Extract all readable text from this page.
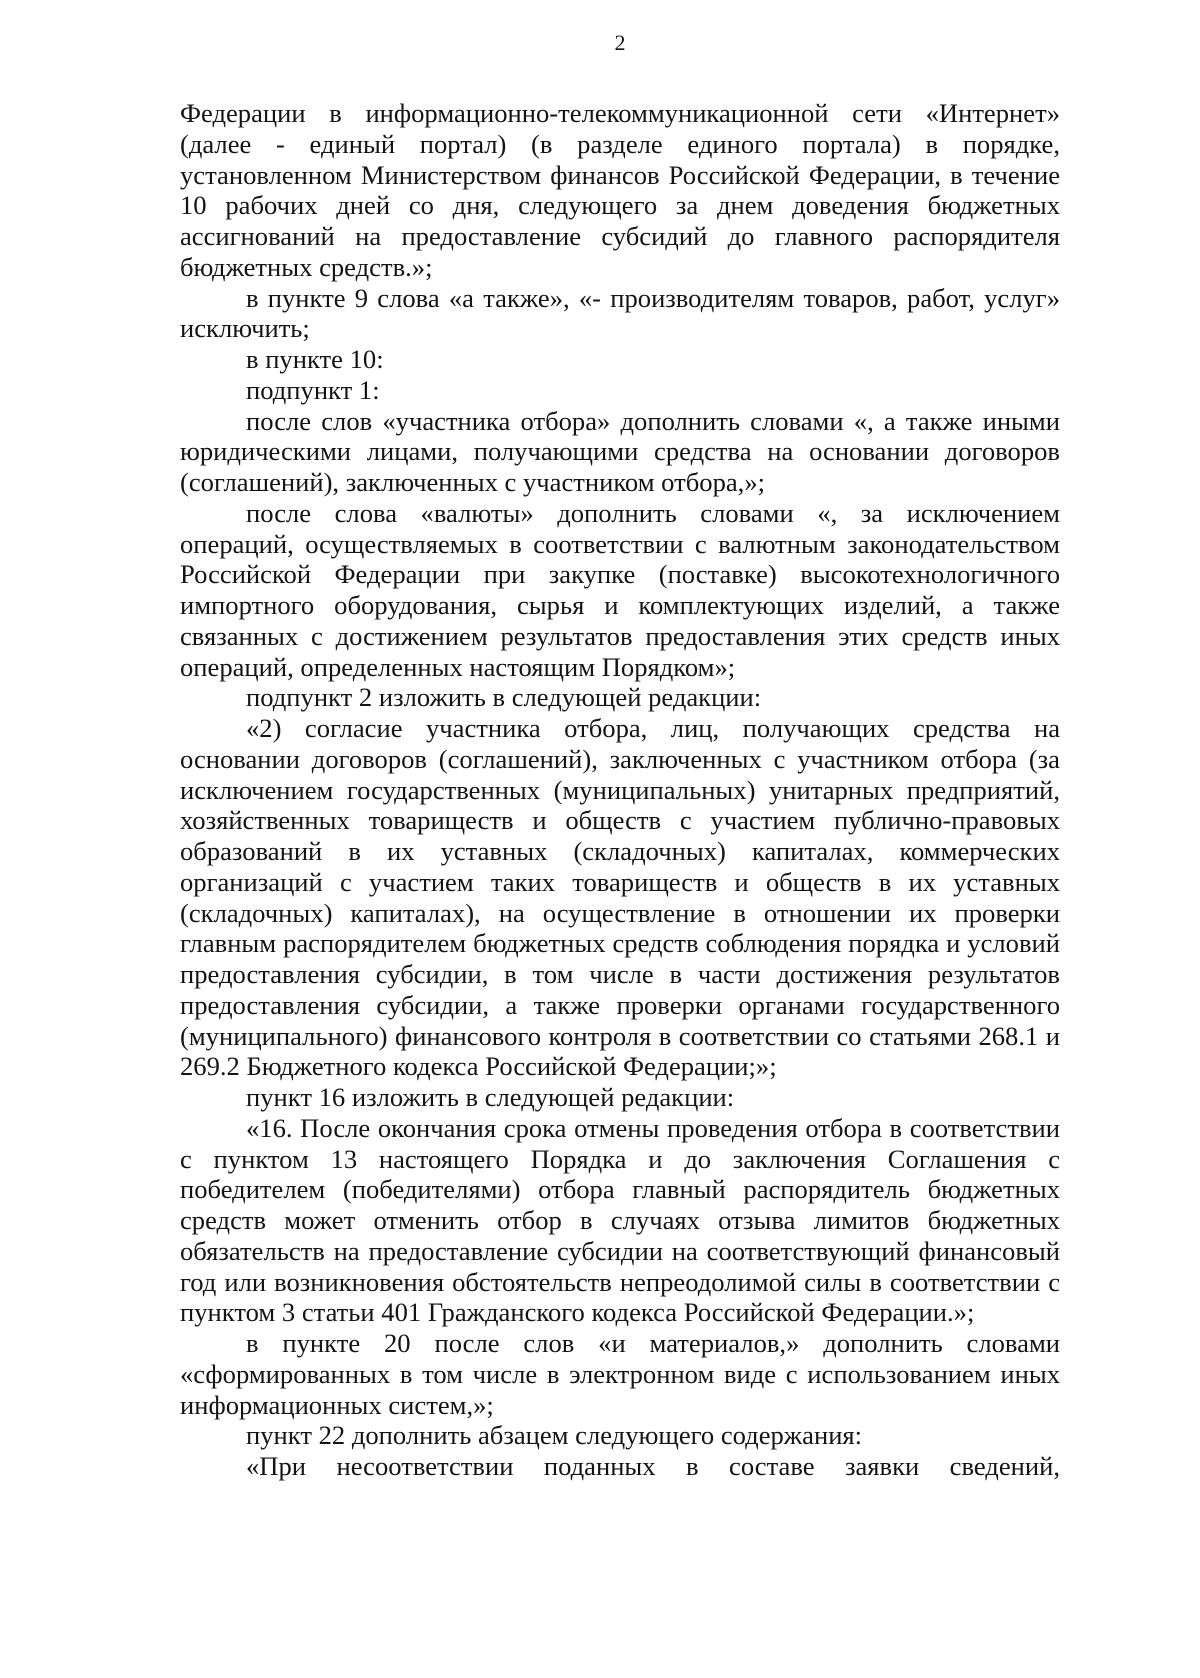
2

Федерации в информационно-телекоммуникационной сети «Интернет» (далее - единый портал) (в разделе единого портала) в порядке, установленном Министерством финансов Российской Федерации, в течение 10 рабочих дней со дня, следующего за днем доведения бюджетных ассигнований на предоставление субсидий до главного распорядителя бюджетных средств.»;

в пункте 9 слова «а также», «- производителям товаров, работ, услуг» исключить;

в пункте 10:

подпункт 1:

после слов «участника отбора» дополнить словами «, а также иными юридическими лицами, получающими средства на основании договоров (соглашений), заключенных с участником отбора,»;

после слова «валюты» дополнить словами «, за исключением операций, осуществляемых в соответствии с валютным законодательством Российской Федерации при закупке (поставке) высокотехнологичного импортного оборудования, сырья и комплектующих изделий, а также связанных с достижением результатов предоставления этих средств иных операций, определенных настоящим Порядком»;

подпункт 2 изложить в следующей редакции:

«2) согласие участника отбора, лиц, получающих средства на основании договоров (соглашений), заключенных с участником отбора (за исключением государственных (муниципальных) унитарных предприятий, хозяйственных товариществ и обществ с участием публично-правовых образований в их уставных (складочных) капиталах, коммерческих организаций с участием таких товариществ и обществ в их уставных (складочных) капиталах), на осуществление в отношении их проверки главным распорядителем бюджетных средств соблюдения порядка и условий предоставления субсидии, в том числе в части достижения результатов предоставления субсидии, а также проверки органами государственного (муниципального) финансового контроля в соответствии со статьями 268.1 и 269.2 Бюджетного кодекса Российской Федерации;»;

пункт 16 изложить в следующей редакции:

«16. После окончания срока отмены проведения отбора в соответствии с пунктом 13 настоящего Порядка и до заключения Соглашения с победителем (победителями) отбора главный распорядитель бюджетных средств может отменить отбор в случаях отзыва лимитов бюджетных обязательств на предоставление субсидии на соответствующий финансовый год или возникновения обстоятельств непреодолимой силы в соответствии с пунктом 3 статьи 401 Гражданского кодекса Российской Федерации.»;

в пункте 20 после слов «и материалов,» дополнить словами «сформированных в том числе в электронном виде с использованием иных информационных систем,»;

пункт 22 дополнить абзацем следующего содержания:

«При несоответствии поданных в составе заявки сведений,
